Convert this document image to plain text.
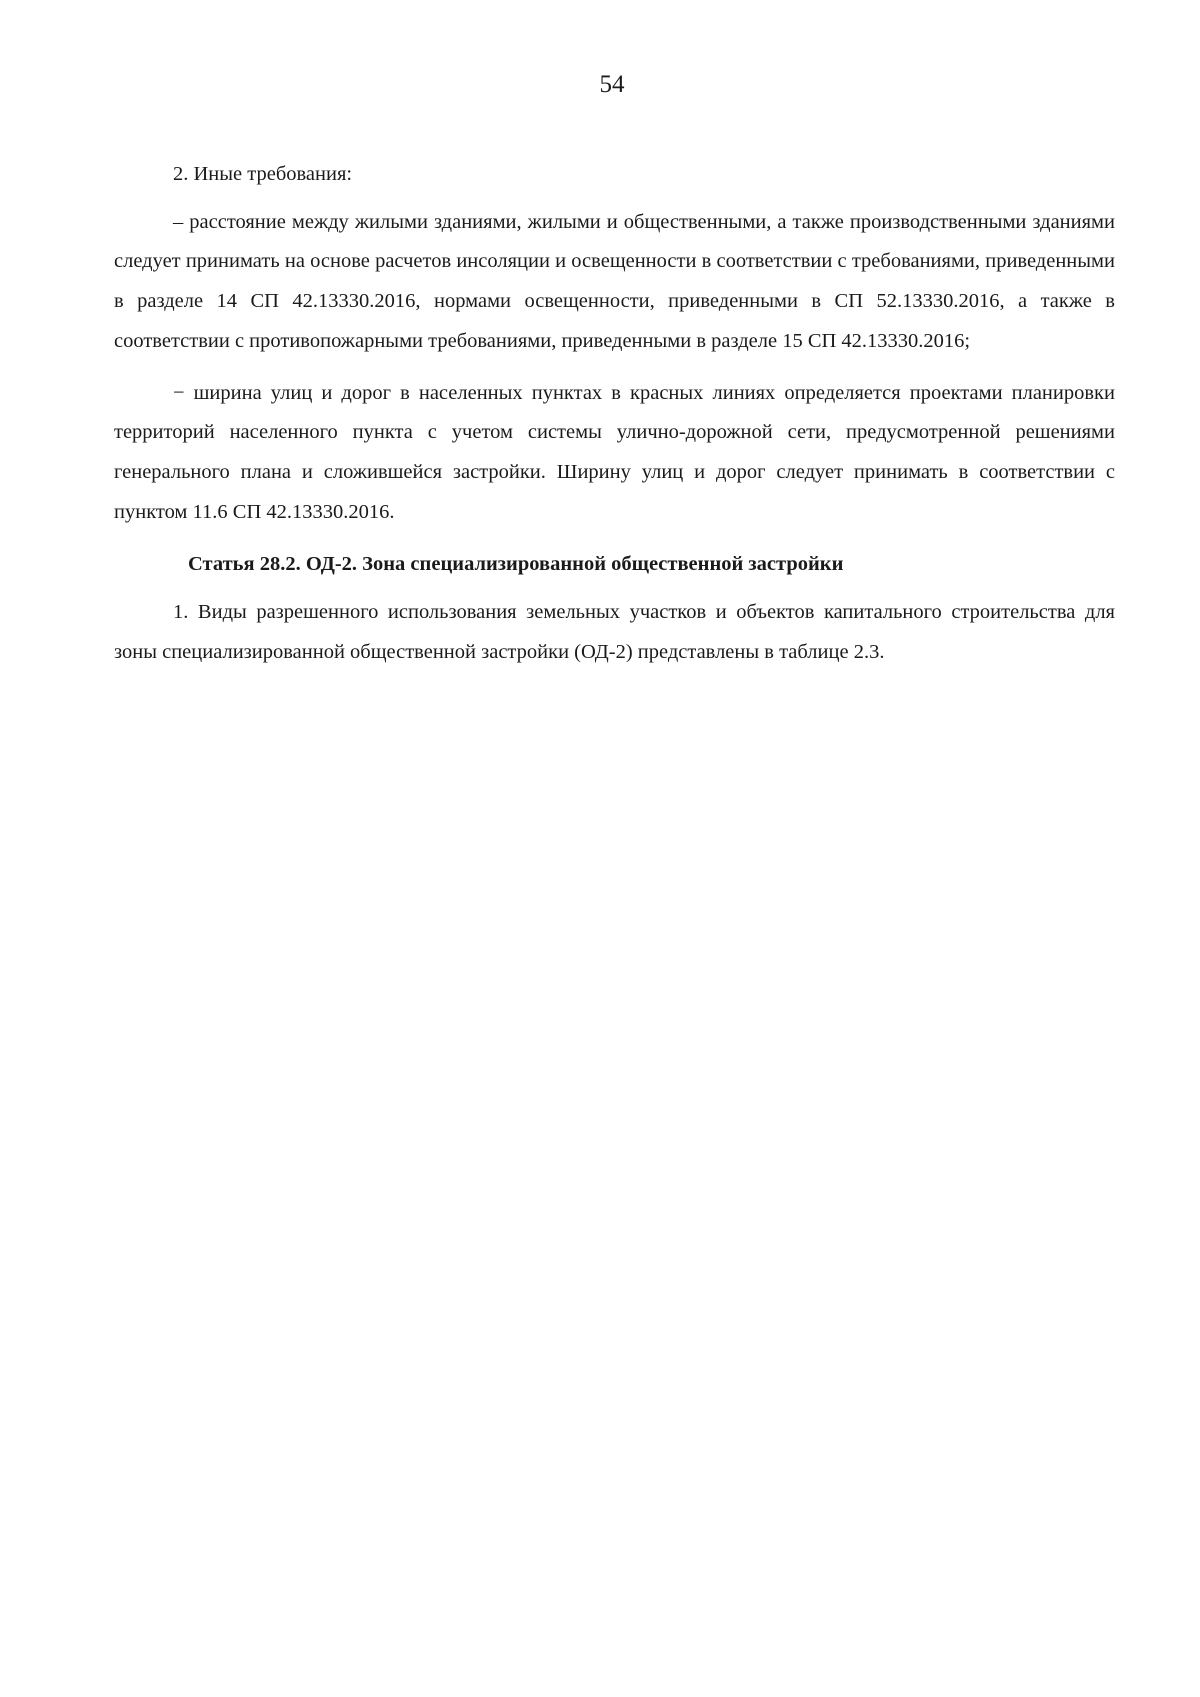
54

2. Иные требования:

– расстояние между жилыми зданиями, жилыми и общественными, а также производственными зданиями следует принимать на основе расчетов инсоляции и освещенности в соответствии с требованиями, приведенными в разделе 14 СП 42.13330.2016, нормами освещенности, приведенными в СП 52.13330.2016, а также в соответствии с противопожарными требованиями, приведенными в разделе 15 СП 42.13330.2016;

− ширина улиц и дорог в населенных пунктах в красных линиях определяется проектами планировки территорий населенного пункта с учетом системы улично-дорожной сети, предусмотренной решениями генерального плана и сложившейся застройки. Ширину улиц и дорог следует принимать в соответствии с пунктом 11.6 СП 42.13330.2016.

Статья 28.2. ОД-2. Зона специализированной общественной застройки

1. Виды разрешенного использования земельных участков и объектов капитального строительства для зоны специализированной общественной застройки (ОД-2) представлены в таблице 2.3.
